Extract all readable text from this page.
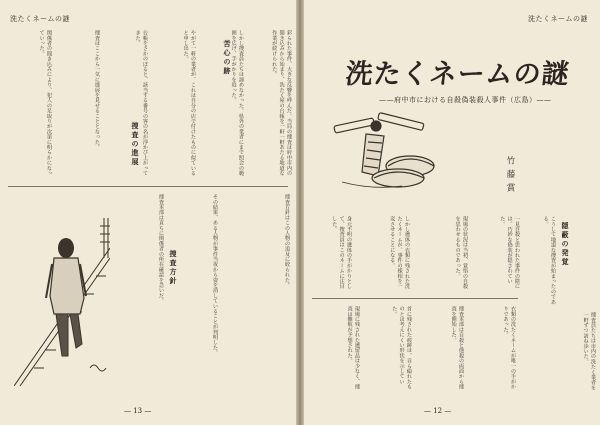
洗たくネームの謎
関係者の聞き込みにより、犯人の足取りが次第に明らかになっていった。	捜査はここから一気に進展を見せることとなった。	台帳をさかのぼると、該当する番号の客の名が浮かび上がってきた。	やがて一軒の業者が、これは自分の店で付けたものに似ていると申し出た。	しかし捜査員たちは諦めなかった。県外の業者にまで照会の範囲を広げ、手がかりを追った。	彩られた事件、大きな反響を呼んだ。当局の捜査は府中市内の聞き込みから始まり、洗たく屋の台帳を一軒一軒あたる地道な作業が続けられた。
苦心の跡
捜査の進展
捜査方針
捜査本部は直ちに関係者の所在確認を急いだ。	その結果、ある人物が事件当夜から姿を消していることが判明した。	捜査方針はこの人物の追及に絞られた。
— 13 —
洗たくネームの謎
洗たくネームの謎
——府中市における自殺偽装殺人事件（広島）——
竹藤賞
隠蔽の発覚
一見自殺と思われた事件の陰には、巧妙な偽装が隠されていた。
現場の状況は当初、覚悟の自殺を思わせるものであった。
しかし遺体の衣類に残された洗たくネームが、事件の様相を一変させることになる。
身元不明の遺体の手がかりとして、捜査員はこのネームに注目した。	こうして地道な捜査が始まったのである。
現場に残された遺留品は少なく、捜査は難航が予想された。	首に残された痕跡は、自ら縊れたものとは考えにくい形状を示していた。	捜査本部は自殺と他殺の両面から捜査を開始した。	衣類の洗たくネームが唯一の手がかりであった。	捜査員たちは市内の洗たく業者を一軒ずつ訪ね歩いた。
— 12 —
